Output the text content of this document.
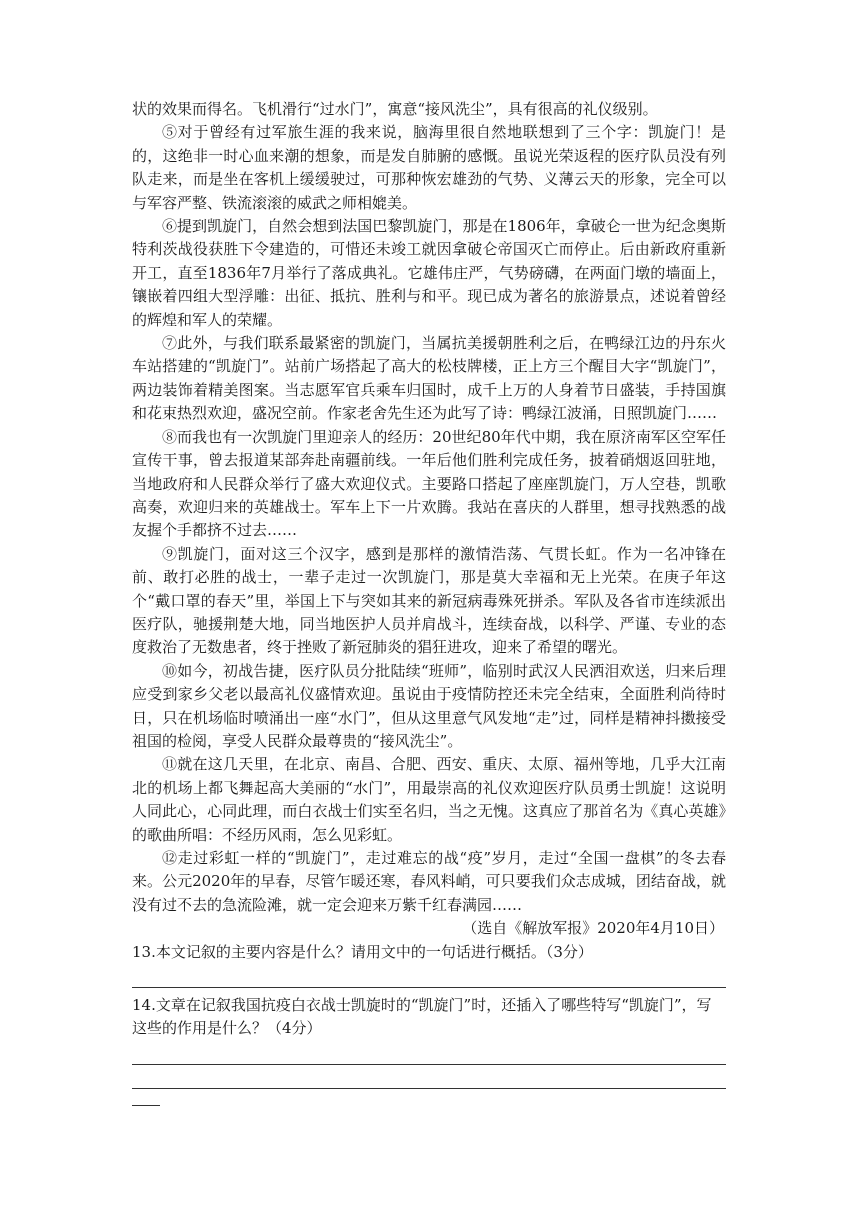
状的效果而得名。飞机滑行“过水门”，寓意“接风洗尘”，具有很高的礼仪级别。

⑤对于曾经有过军旅生涯的我来说，脑海里很自然地联想到了三个字：凯旋门！是的，这绝非一时心血来潮的想象，而是发自肺腑的感慨。虽说光荣返程的医疗队员没有列队走来，而是坐在客机上缓缓驶过，可那种恢宏雄劲的气势、义薄云天的形象，完全可以与军容严整、铁流滚滚的威武之师相媲美。

⑥提到凯旋门，自然会想到法国巴黎凯旋门，那是在1806年，拿破仑一世为纪念奥斯特利茨战役获胜下令建造的，可惜还未竣工就因拿破仑帝国灭亡而停止。后由新政府重新开工，直至1836年7月举行了落成典礼。它雄伟庄严，气势磅礴，在两面门墩的墙面上，镶嵌着四组大型浮雕：出征、抵抗、胜利与和平。现已成为著名的旅游景点，述说着曾经的辉煌和军人的荣耀。

⑦此外，与我们联系最紧密的凯旋门，当属抗美援朝胜利之后，在鸭绿江边的丹东火车站搭建的“凯旋门”。站前广场搭起了高大的松枝牌楼，正上方三个醒目大字“凯旋门”，两边装饰着精美图案。当志愿军官兵乘车归国时，成千上万的人身着节日盛装，手持国旗和花束热烈欢迎，盛况空前。作家老舍先生还为此写了诗：鸭绿江波涌，日照凯旋门……

⑧而我也有一次凯旋门里迎亲人的经历：20世纪80年代中期，我在原济南军区空军任宣传干事，曾去报道某部奔赴南疆前线。一年后他们胜利完成任务，披着硝烟返回驻地，当地政府和人民群众举行了盛大欢迎仪式。主要路口搭起了座座凯旋门，万人空巷，凯歌高奏，欢迎归来的英雄战士。军车上下一片欢腾。我站在喜庆的人群里，想寻找熟悉的战友握个手都挤不过去……

⑨凯旋门，面对这三个汉字，感到是那样的激情浩荡、气贯长虹。作为一名冲锋在前、敢打必胜的战士，一辈子走过一次凯旋门，那是莫大幸福和无上光荣。在庚子年这个“戴口罩的春天”里，举国上下与突如其来的新冠病毒殊死拼杀。军队及各省市连续派出医疗队，驰援荆楚大地，同当地医护人员并肩战斗，连续奋战，以科学、严谨、专业的态度救治了无数患者，终于挫败了新冠肺炎的猖狂进攻，迎来了希望的曙光。

⑩如今，初战告捷，医疗队员分批陆续“班师”，临别时武汉人民洒泪欢送，归来后理应受到家乡父老以最高礼仪盛情欢迎。虽说由于疫情防控还未完全结束，全面胜利尚待时日，只在机场临时喷涌出一座“水门”，但从这里意气风发地“走”过，同样是精神抖擞接受祖国的检阅，享受人民群众最尊贵的“接风洗尘”。

⑪就在这几天里，在北京、南昌、合肥、西安、重庆、太原、福州等地，几乎大江南北的机场上都飞舞起高大美丽的“水门”，用最崇高的礼仪欢迎医疗队员勇士凯旋！这说明人同此心，心同此理，而白衣战士们实至名归，当之无愧。这真应了那首名为《真心英雄》的歌曲所唱：不经历风雨，怎么见彩虹。

⑫走过彩虹一样的“凯旋门”，走过难忘的战“疫”岁月，走过“全国一盘棋”的冬去春来。公元2020年的早春，尽管乍暖还寒，春风料峭，可只要我们众志成城，团结奋战，就没有过不去的急流险滩，就一定会迎来万紫千红春满园……

（选自《解放军报》2020年4月10日）

13.本文记叙的主要内容是什么？请用文中的一句话进行概括。（3分）

14.文章在记叙我国抗疫白衣战士凯旋时的“凯旋门”时，还插入了哪些特写“凯旋门”，写这些的作用是什么？（4分）
